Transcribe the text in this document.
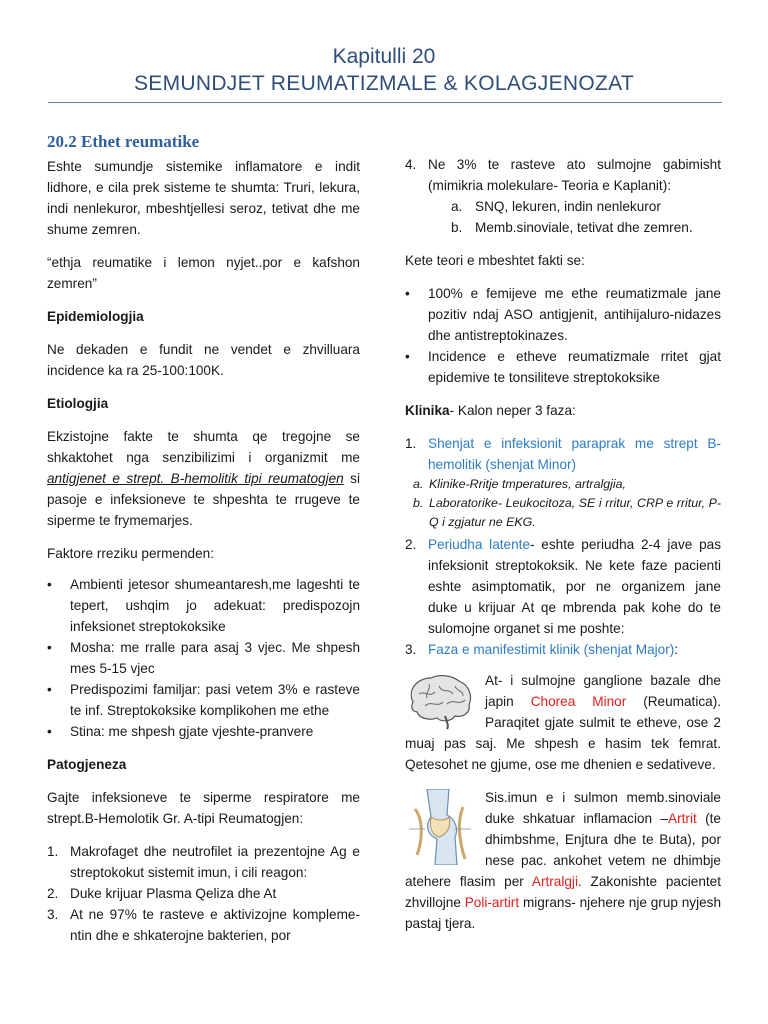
Kapitulli 20
SEMUNDJET REUMATIZMALE & KOLAGJENOZAT
20.2 Ethet reumatike

Eshte sumundje sistemike inflamatore e indit lidhore, e cila prek sisteme te shumta: Truri, lekura, indi nenlekuror, mbeshtjellesi seroz, tetivat dhe me shume zemren.

“ethja reumatike i lemon nyjet..por e kafshon zemren”

Epidemiologjia

Ne dekaden e fundit ne vendet e zhvilluara incidence ka ra 25-100:100K.

Etiologjia

Ekzistojne fakte te shumta qe tregojne se shkaktohet nga senzibilizimi i organizmit me antigjenet e strept. B-hemolitik tipi reumatogjen si pasoje e infeksioneve te shpeshta te rrugeve te siperme te frymemarjes.

Faktore rreziku permenden:

• Ambienti jetesor shumeantaresh,me lageshti te tepert, ushqim jo adekuat: predispozojn infeksionet streptokoksike
• Mosha: me rralle para asaj 3 vjec. Me shpesh mes 5-15 vjec
• Predispozimi familjar: pasi vetem 3% e rasteve te inf. Streptokoksike komplikohen me ethe
• Stina: me shpesh gjate vjeshte-pranvere
Patogjeneza

Gajte infeksioneve te siperme respiratore me strept.B-Hemolotik Gr. A-tipi Reumatogjen:

1. Makrofaget dhe neutrofilet ia prezentojne Ag e streptokokut sistemit imun, i cili reagon:
2. Duke krijuar Plasma Qeliza dhe At
3. At ne 97% te rasteve e aktivizojne kompleme-ntin dhe e shkaterojne bakterien, por
4. Ne 3% te rasteve ato sulmojne gabimisht (mimikria molekulare- Teoria e Kaplanit):
a. SNQ, lekuren, indin nenlekuror
b. Memb.sinoviale, tetivat dhe zemren.

Kete teori e mbeshtet fakti se:

• 100% e femijeve me ethe reumatizmale jane pozitiv ndaj ASO antigjenit, antihijaluro-nidazes dhe antistreptokinazes.
• Incidence e etheve reumatizmale rritet gjat epidemive te tonsiliteve streptokoksike

Klinika- Kalon neper 3 faza:

1. Shenjat e infeksionit paraprak me strept B-hemolitik (shenjat Minor)
a. Klinike-Rritje tmperatures, artralgjia,
b. Laboratorike- Leukocitoza, SE i rritur, CRP e rritur, P-Q i zgjatur ne EKG.
2. Periudha latente- eshte periudha 2-4 jave pas infeksionit streptokoksik. Ne kete faze pacienti eshte asimptomatik, por ne organizem jane duke u krijuar At qe mbrenda pak kohe do te sulomojne organet si me poshte:
3. Faza e manifestimit klinik (shenjat Major):

At- i sulmojne ganglione bazale dhe japin Chorea Minor (Reumatica). Paraqitet gjate sulmit te etheve, ose 2 muaj pas saj. Me shpesh e hasim tek femrat. Qetesohet ne gjume, ose me dhenien e sedativeve.

Sis.imun e i sulmon memb.sinoviale duke shkatuar inflamacion –Artrit (te dhimbshme, Enjtura dhe te Buta), por nese pac. ankohet vetem ne dhimbje atehere flasim per Artralgji. Zakonishte pacientet zhvillojne Poli-artirt migrans- njehere nje grup nyjesh pastaj tjera.
